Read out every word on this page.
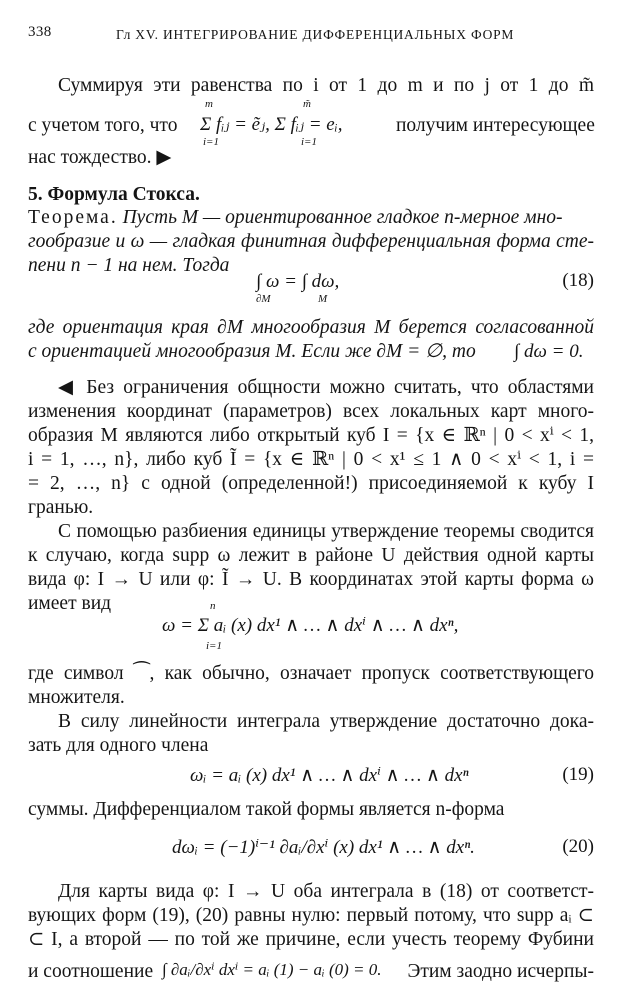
338	Гл XV. ИНТЕГРИРОВАНИЕ ДИФФЕРЕНЦИАЛЬНЫХ ФОРМ
Суммируя эти равенства по i от 1 до m и по j от 1 до m̃
с учетом того, что	Σ fᵢⱼ = ẽⱼ, Σ fᵢⱼ = eᵢ,
m
i=1
m̃
i=1
получим интересующее
нас тождество. ▶
5. Формула Стокса.
Теорема. Пусть M — ориентированное гладкое n-мерное мно-
гообразие и ω — гладкая финитная дифференциальная форма сте-
пени n − 1 на нем. Тогда
∫ ω = ∫ dω,
∂M	M
(18)
где ориентация края ∂M многообразия M берется согласованной
с ориентацией многообразия M. Если же ∂M = ∅, то	∫ dω = 0.
◀ Без ограничения общности можно считать, что областями
изменения координат (параметров) всех локальных карт много-
образия M являются либо открытый куб I = {x ∈ ℝⁿ | 0 < xⁱ < 1,
i = 1, …, n}, либо куб Ĩ = {x ∈ ℝⁿ | 0 < x¹ ≤ 1 ∧ 0 < xⁱ < 1, i =
= 2, …, n} с одной (определенной!) присоединяемой к кубу I
гранью.
С помощью разбиения единицы утверждение теоремы сводится
к случаю, когда supp ω лежит в районе U действия одной карты
вида φ: I → U или φ: Ĩ → U. В координатах этой карты форма ω
имеет вид
ω = Σ aᵢ (x) dx¹ ∧ … ∧ dxⁱ ∧ … ∧ dxⁿ,
n
i=1
где символ ⁀, как обычно, означает пропуск соответствующего
множителя.
В силу линейности интеграла утверждение достаточно дока-
зать для одного члена
ωᵢ = aᵢ (x) dx¹ ∧ … ∧ dxⁱ ∧ … ∧ dxⁿ	(19)
суммы. Дифференциалом такой формы является n-форма
dωᵢ = (−1)ⁱ⁻¹ ∂aᵢ/∂xⁱ (x) dx¹ ∧ … ∧ dxⁿ.	(20)
Для карты вида φ: I → U оба интеграла в (18) от соответст-
вующих форм (19), (20) равны нулю: первый потому, что supp aᵢ ⊂
⊂ I, а второй — по той же причине, если учесть теорему Фубини
и соотношение ∫ ∂aᵢ/∂xⁱ dxⁱ = aᵢ (1) − aᵢ (0) = 0.	Этим заодно исчерпы-
